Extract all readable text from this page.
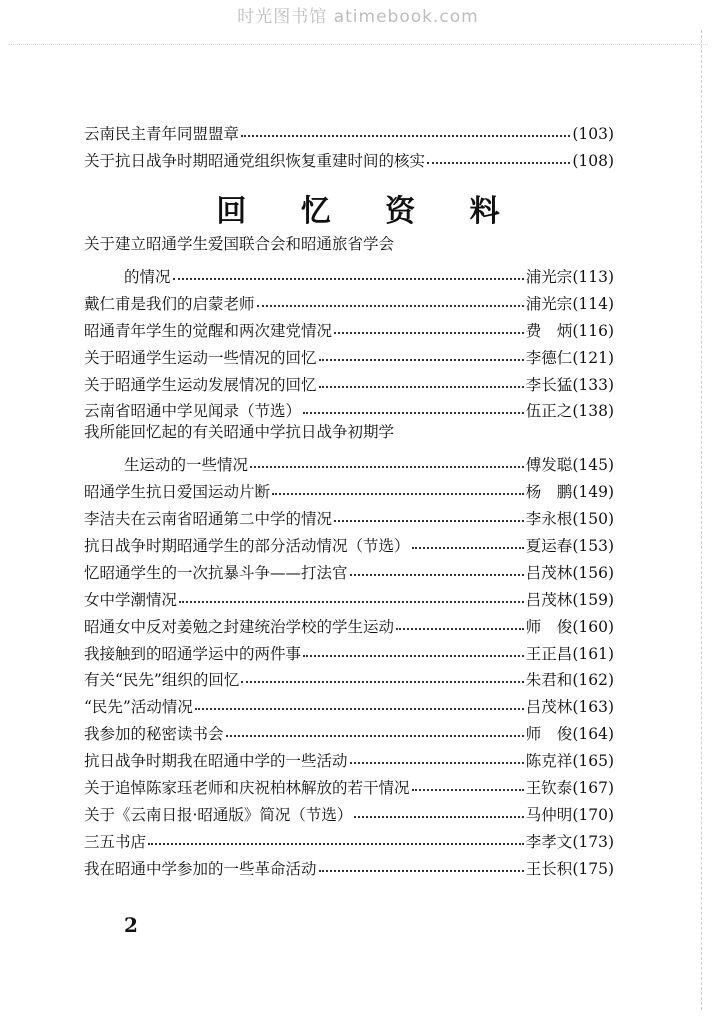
时光图书馆 atimebook.com
云南民主青年同盟盟章	(103)
关于抗日战争时期昭通党组织恢复重建时间的核实	(108)
关于建立昭通学生爱国联合会和昭通旅省学会
的情况	浦光宗 (113)
戴仁甫是我们的启蒙老师	浦光宗 (114)
昭通青年学生的觉醒和两次建党情况	费　炳 (116)
关于昭通学生运动一些情况的回忆	李德仁 (121)
关于昭通学生运动发展情况的回忆	李长猛 (133)
云南省昭通中学见闻录（节选）	伍正之 (138)
我所能回忆起的有关昭通中学抗日战争初期学
生运动的一些情况	傅发聪 (145)
昭通学生抗日爱国运动片断	杨　鹏 (149)
李洁夫在云南省昭通第二中学的情况	李永根 (150)
抗日战争时期昭通学生的部分活动情况（节选）	夏运春 (153)
忆昭通学生的一次抗暴斗争——打法官	吕茂林 (156)
女中学潮情况	吕茂林 (159)
昭通女中反对姜勉之封建统治学校的学生运动	师　俊 (160)
我接触到的昭通学运中的两件事	王正昌 (161)
有关“民先”组织的回忆	朱君和 (162)
“民先”活动情况	吕茂林 (163)
我参加的秘密读书会	师　俊 (164)
抗日战争时期我在昭通中学的一些活动	陈克祥 (165)
关于追悼陈家珏老师和庆祝柏林解放的若干情况	王钦泰 (167)
关于《云南日报·昭通版》简况（节选）	马仲明 (170)
三五书店	李孝文 (173)
我在昭通中学参加的一些革命活动	王长积 (175)
回 忆 资 料
2
